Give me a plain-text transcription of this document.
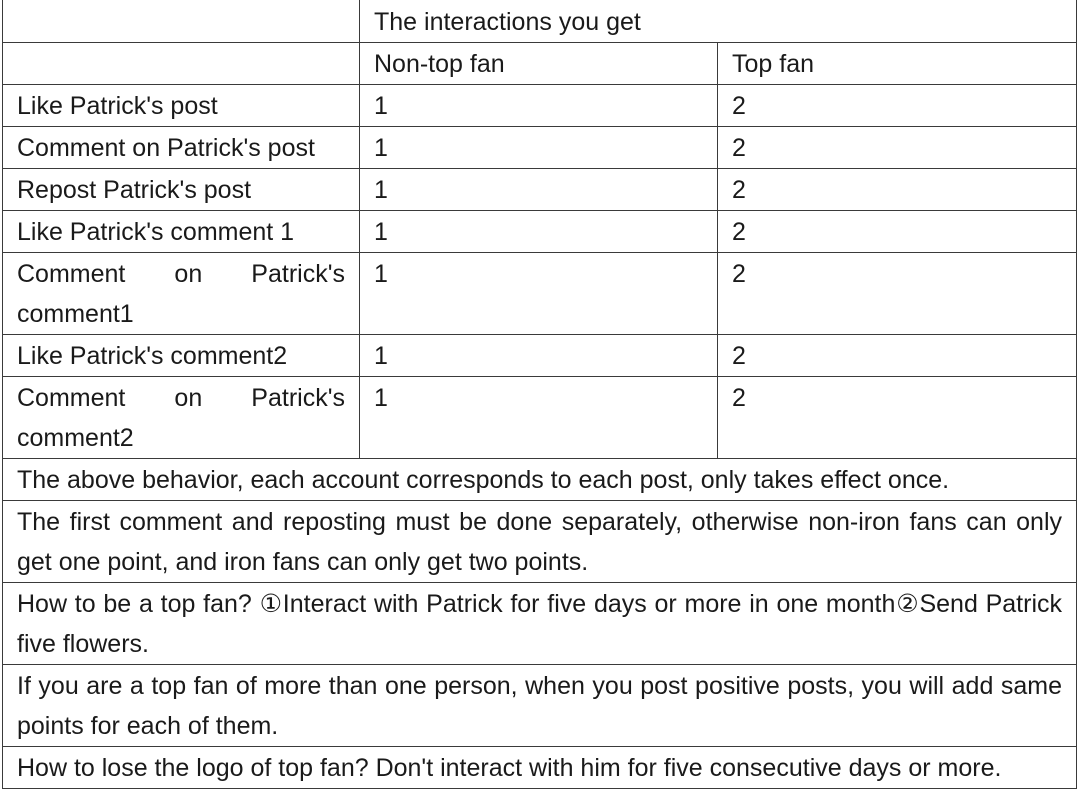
	The interactions you get	
	Non-top fan	Top fan
Like Patrick's post	1	2
Comment on Patrick's post	1	2
Repost Patrick's post	1	2
Like Patrick's comment 1	1	2
Comment on Patrick's comment1	1	2
Like Patrick's comment2	1	2
Comment on Patrick's comment2	1	2
The above behavior, each account corresponds to each post, only takes effect once.		
The first comment and reposting must be done separately, otherwise non-iron fans can only get one point, and iron fans can only get two points.		
How to be a top fan? ①Interact with Patrick for five days or more in one month②Send Patrick five flowers.		
If you are a top fan of more than one person, when you post positive posts, you will add same points for each of them.		
How to lose the logo of top fan? Don't interact with him for five consecutive days or more.		
